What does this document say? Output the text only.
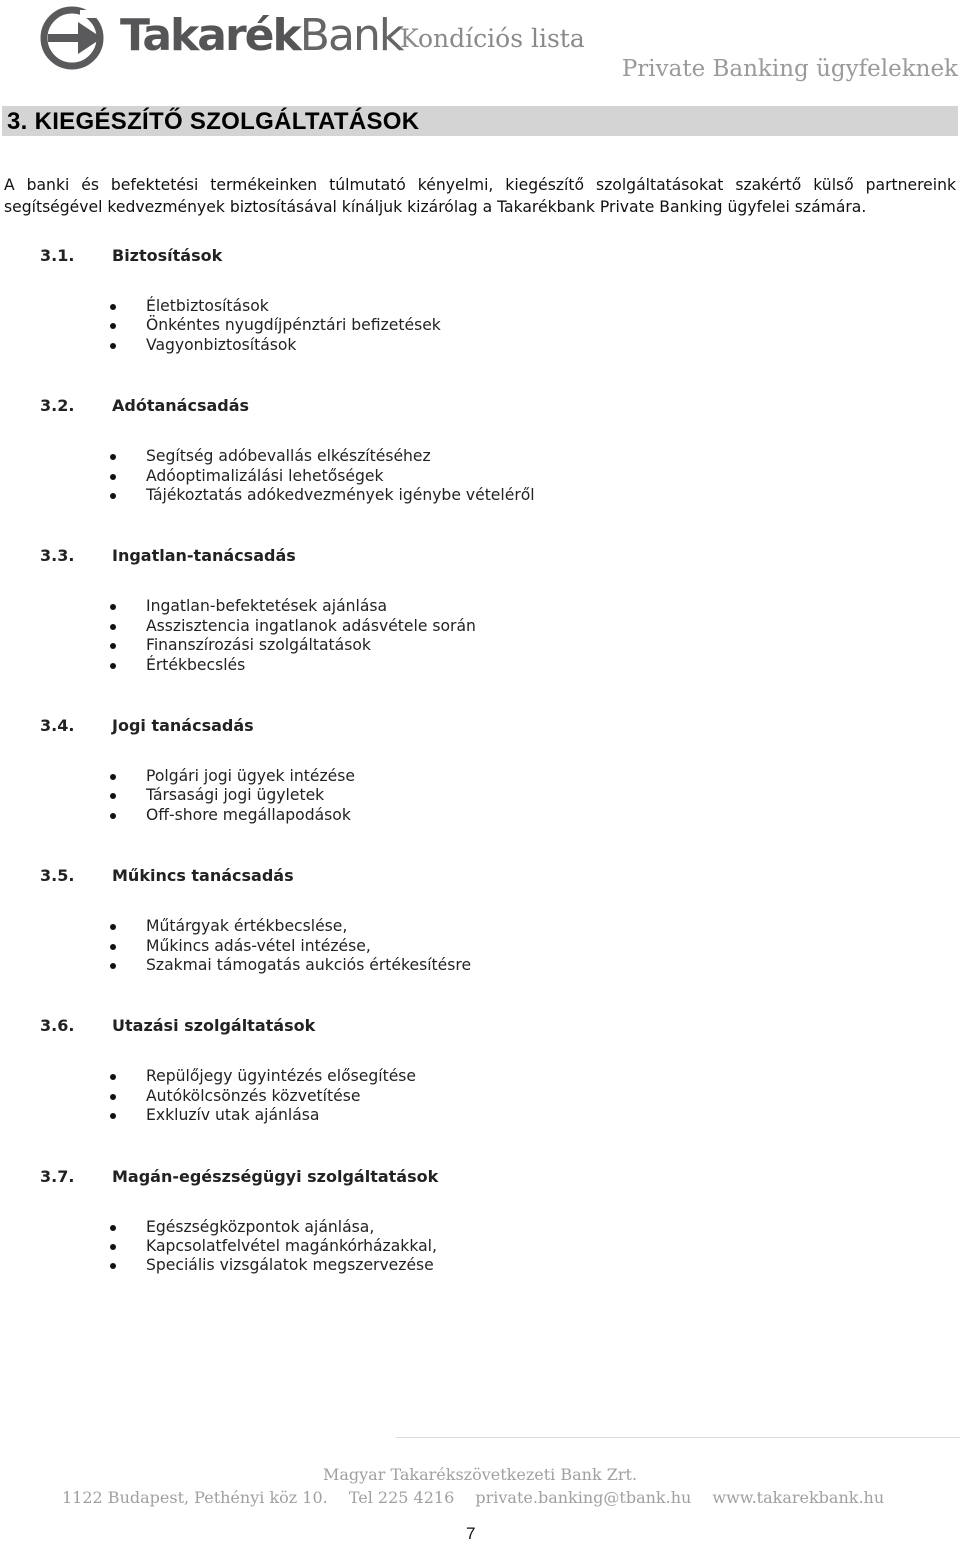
TakarékBank
Kondíciós lista
Private Banking ügyfeleknek
3. KIEGÉSZÍTŐ SZOLGÁLTATÁSOK
A banki és befektetési termékeinken túlmutató kényelmi, kiegészítő szolgáltatásokat szakértő külső partnereink segítségével kedvezmények biztosításával kínáljuk kizárólag a Takarékbank Private Banking ügyfelei számára.
3.1. Biztosítások
Életbiztosítások
Önkéntes nyugdíjpénztári befizetések
Vagyonbiztosítások
3.2. Adótanácsadás
Segítség adóbevallás elkészítéséhez
Adóoptimalizálási lehetőségek
Tájékoztatás adókedvezmények igénybe vételéről
3.3. Ingatlan-tanácsadás
Ingatlan-befektetések ajánlása
Asszisztencia ingatlanok adásvétele során
Finanszírozási szolgáltatások
Értékbecslés
3.4. Jogi tanácsadás
Polgári jogi ügyek intézése
Társasági jogi ügyletek
Off-shore megállapodások
3.5. Műkincs tanácsadás
Műtárgyak értékbecslése,
Műkincs adás-vétel intézése,
Szakmai támogatás aukciós értékesítésre
3.6. Utazási szolgáltatások
Repülőjegy ügyintézés elősegítése
Autókölcsönzés közvetítése
Exkluzív utak ajánlása
3.7. Magán-egészségügyi szolgáltatások
Egészségközpontok ajánlása,
Kapcsolatfelvétel magánkórházakkal,
Speciális vizsgálatok megszervezése
Magyar Takarékszövetkezeti Bank Zrt.
1122 Budapest, Pethényi köz 10. Tel 225 4216 private.banking@tbank.hu www.takarekbank.hu
7
